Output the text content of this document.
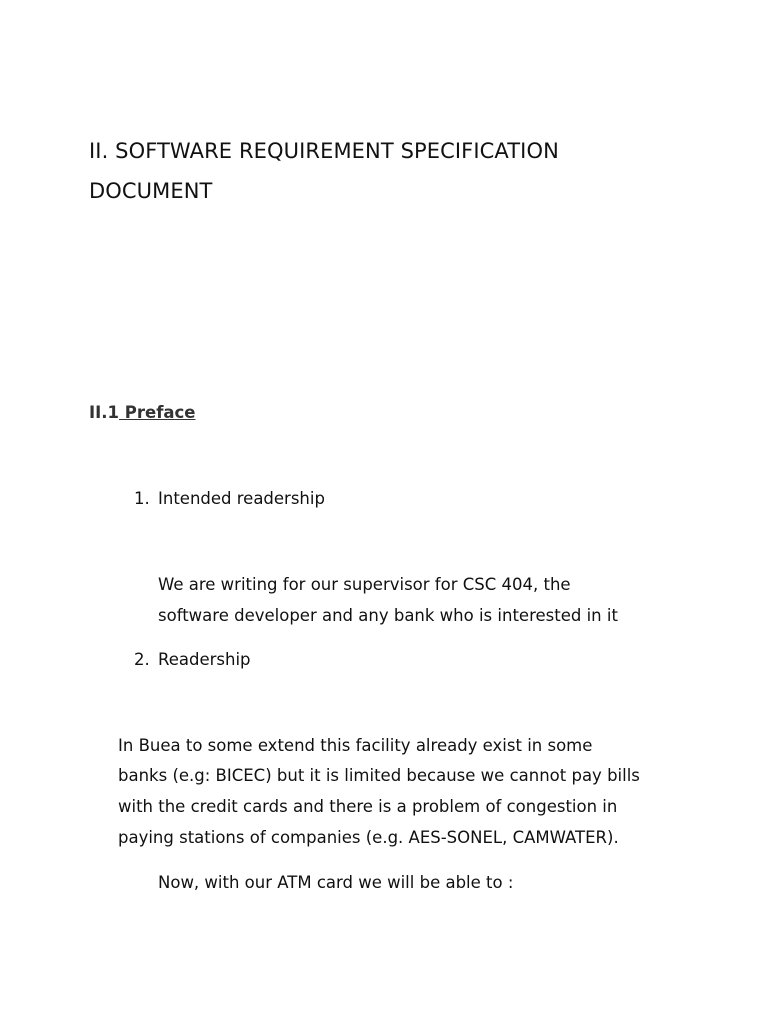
II. SOFTWARE REQUIREMENT SPECIFICATION
DOCUMENT
II.1 Preface
1. Intended readership
We are writing for our supervisor for CSC 404, the
software developer and any bank who is interested in it
2. Readership
In Buea to some extend this facility already exist in some
banks (e.g: BICEC) but it is limited because we cannot pay bills
with the credit cards and there is a problem of congestion in
paying stations of companies (e.g. AES-SONEL, CAMWATER).
Now, with our ATM card we will be able to :
